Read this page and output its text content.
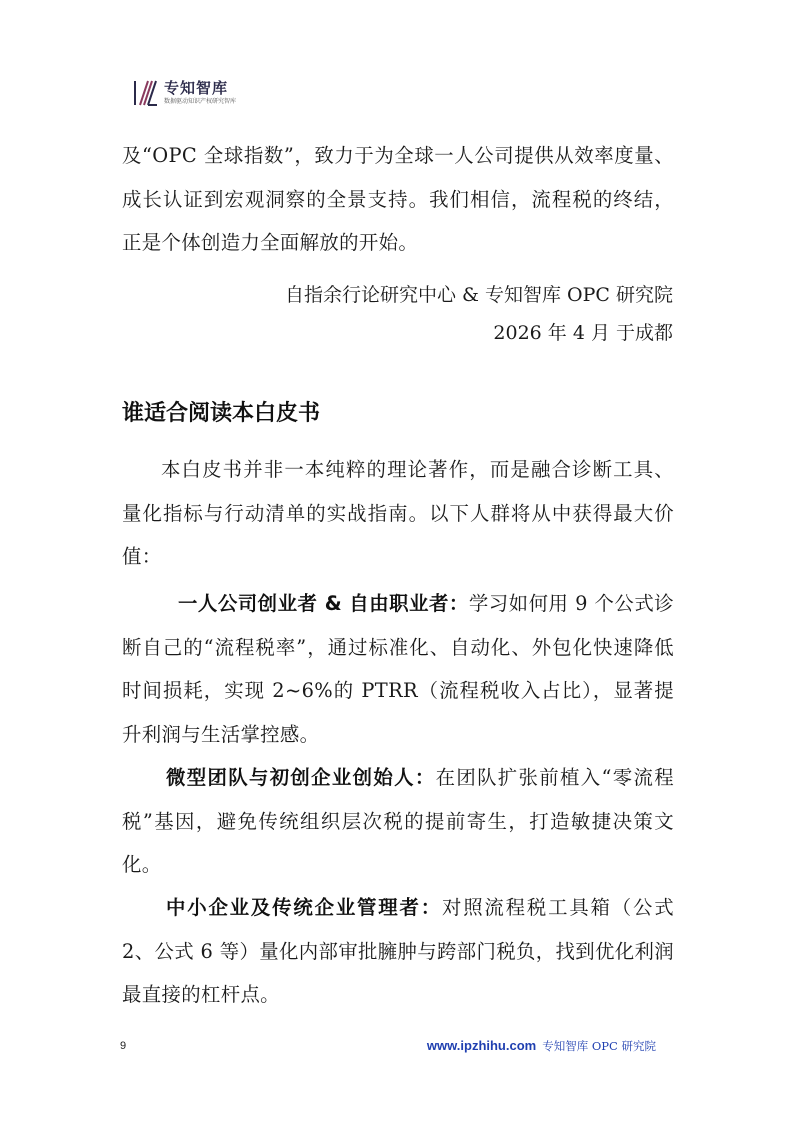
专知智库
数据驱动知识产权研究智库

及“OPC 全球指数”，致力于为全球一人公司提供从效率度量、成长认证到宏观洞察的全景支持。我们相信，流程税的终结，正是个体创造力全面解放的开始。

自指余行论研究中心 & 专知智库 OPC 研究院

2026 年 4 月 于成都

谁适合阅读本白皮书

本白皮书并非一本纯粹的理论著作，而是融合诊断工具、量化指标与行动清单的实战指南。以下人群将从中获得最大价值：

一人公司创业者 & 自由职业者：学习如何用 9 个公式诊断自己的“流程税率”，通过标准化、自动化、外包化快速降低时间损耗，实现 2~6%的 PTRR（流程税收入占比），显著提升利润与生活掌控感。

微型团队与初创企业创始人：在团队扩张前植入“零流程税”基因，避免传统组织层次税的提前寄生，打造敏捷决策文化。

中小企业及传统企业管理者：对照流程税工具箱（公式 2、公式 6 等）量化内部审批臃肿与跨部门税负，找到优化利润最直接的杠杆点。

9	www.ipzhihu.com 专知智库 OPC 研究院
